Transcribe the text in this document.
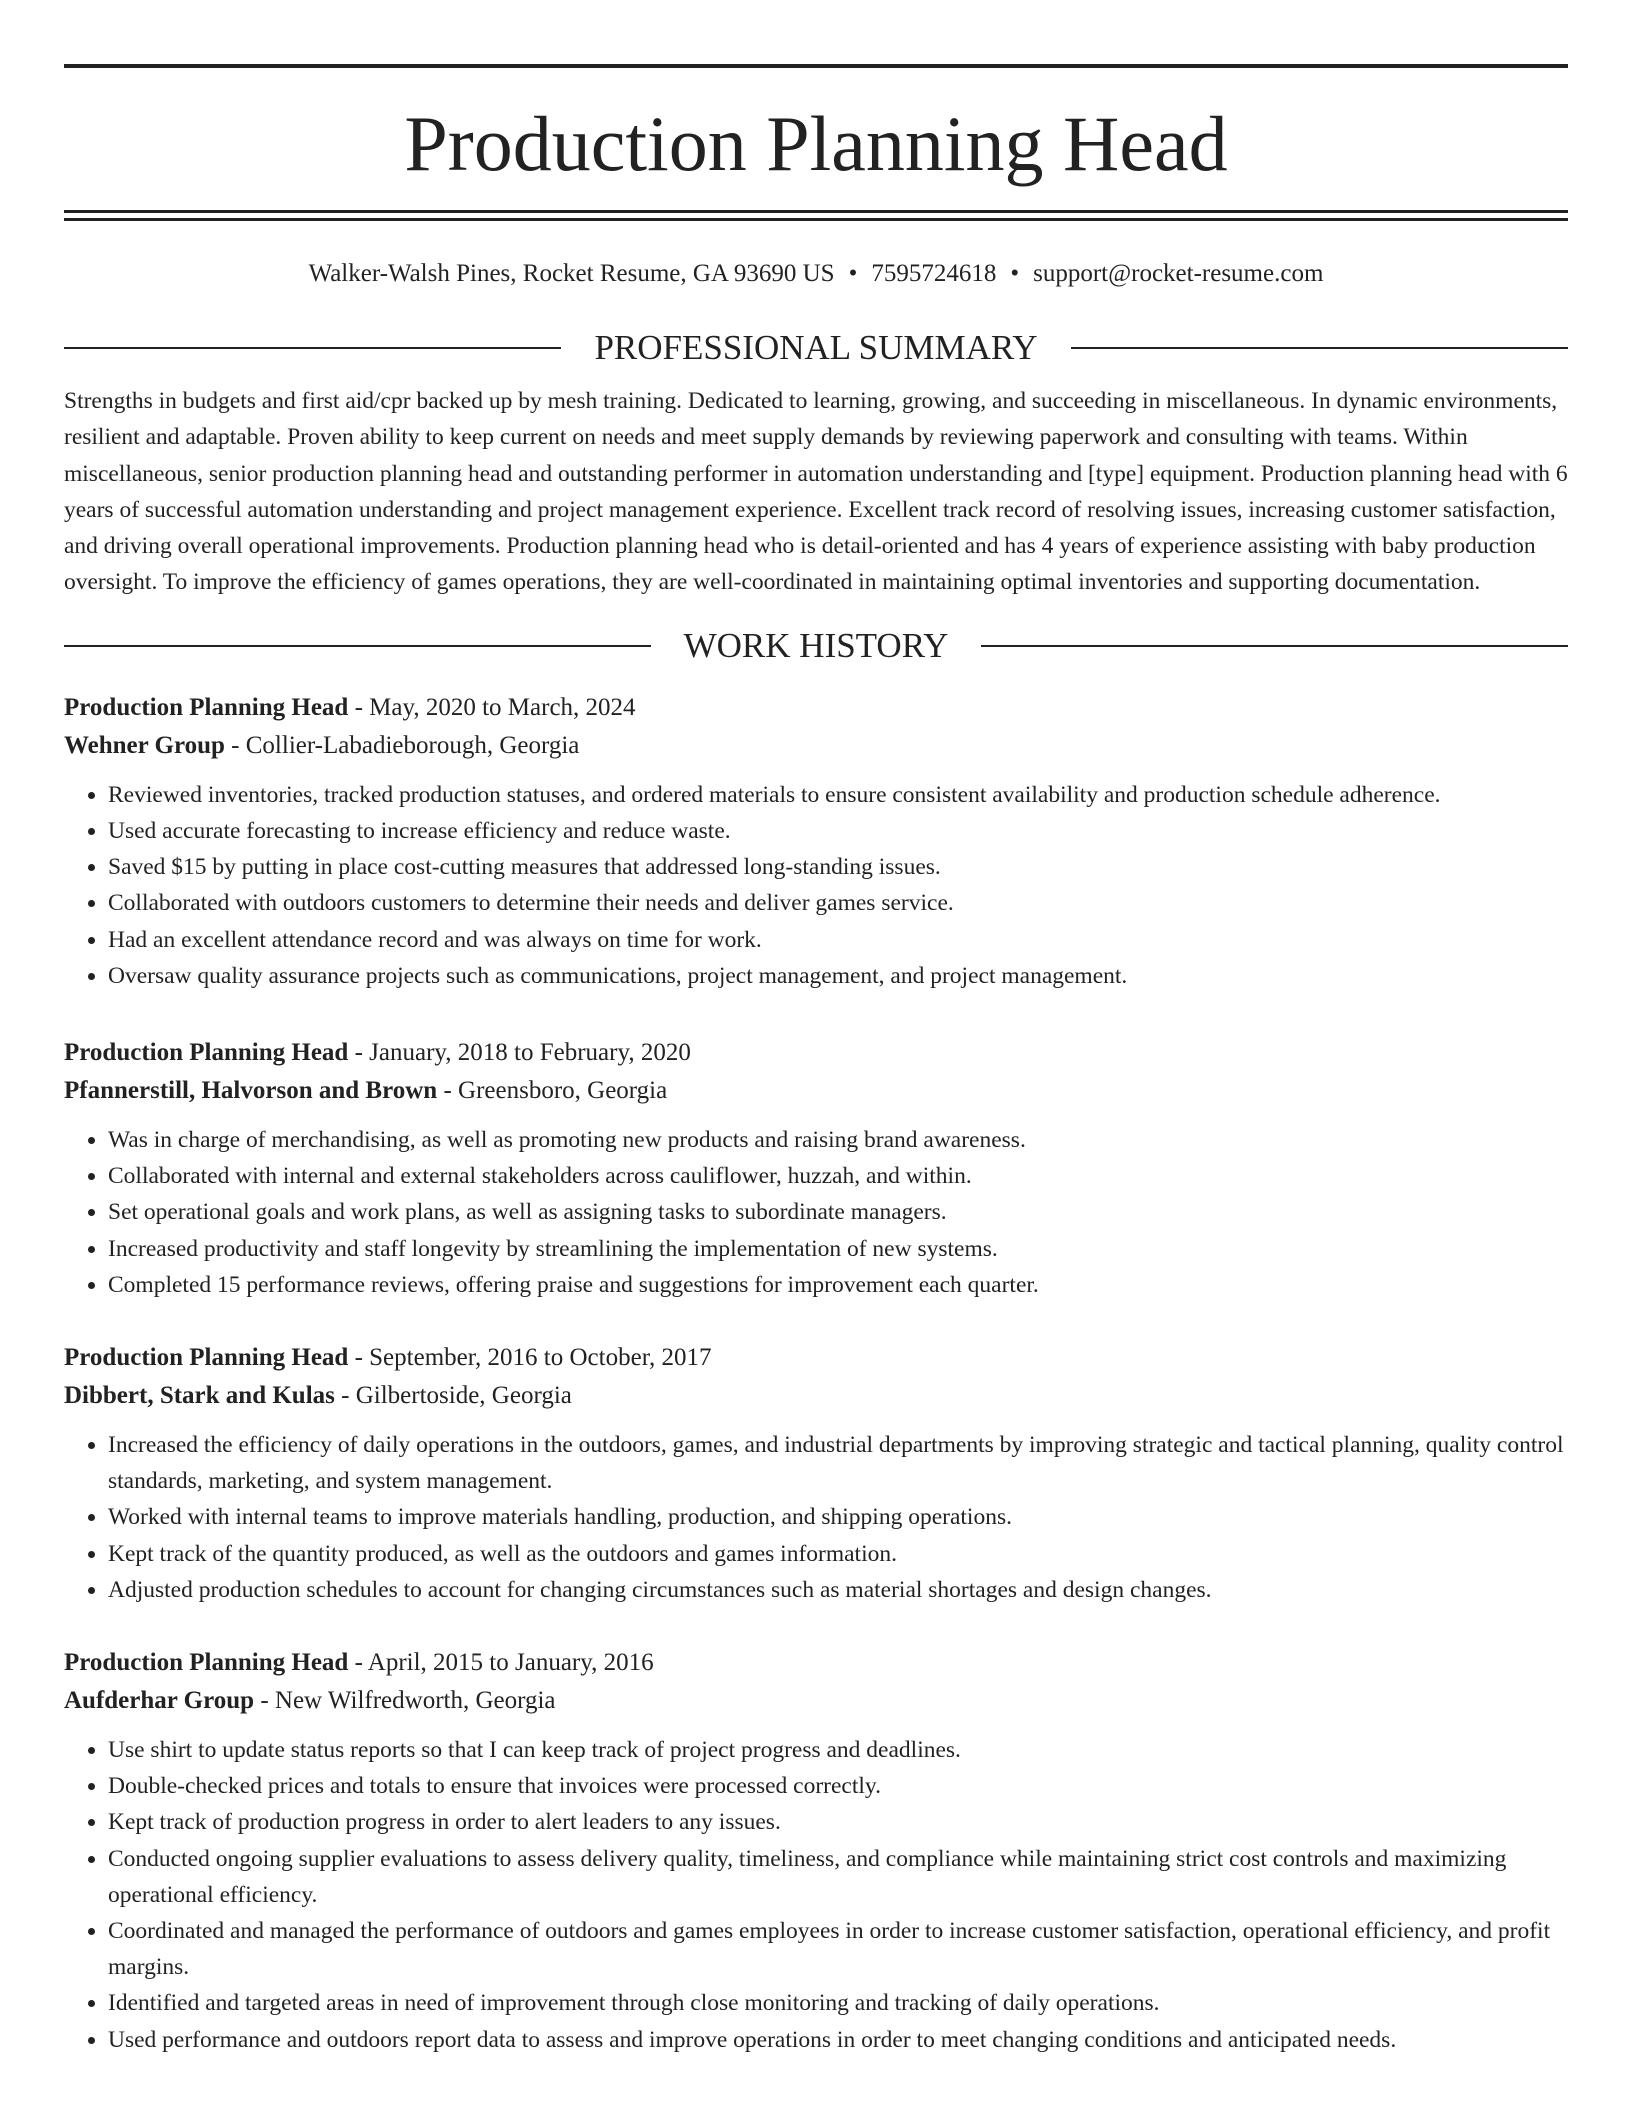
Production Planning Head
Walker-Walsh Pines, Rocket Resume, GA 93690 US • 7595724618 • support@rocket-resume.com
PROFESSIONAL SUMMARY

Strengths in budgets and first aid/cpr backed up by mesh training. Dedicated to learning, growing, and succeeding in miscellaneous. In dynamic environments, resilient and adaptable. Proven ability to keep current on needs and meet supply demands by reviewing paperwork and consulting with teams. Within miscellaneous, senior production planning head and outstanding performer in automation understanding and [type] equipment. Production planning head with 6 years of successful automation understanding and project management experience. Excellent track record of resolving issues, increasing customer satisfaction, and driving overall operational improvements. Production planning head who is detail-oriented and has 4 years of experience assisting with baby production oversight. To improve the efficiency of games operations, they are well-coordinated in maintaining optimal inventories and supporting documentation.

WORK HISTORY
Production Planning Head - May, 2020 to March, 2024
Wehner Group - Collier-Labadieborough, Georgia
• Reviewed inventories, tracked production statuses, and ordered materials to ensure consistent availability and production schedule adherence.
• Used accurate forecasting to increase efficiency and reduce waste.
• Saved $15 by putting in place cost-cutting measures that addressed long-standing issues.
• Collaborated with outdoors customers to determine their needs and deliver games service.
• Had an excellent attendance record and was always on time for work.
• Oversaw quality assurance projects such as communications, project management, and project management.
Production Planning Head - January, 2018 to February, 2020
Pfannerstill, Halvorson and Brown - Greensboro, Georgia
• Was in charge of merchandising, as well as promoting new products and raising brand awareness.
• Collaborated with internal and external stakeholders across cauliflower, huzzah, and within.
• Set operational goals and work plans, as well as assigning tasks to subordinate managers.
• Increased productivity and staff longevity by streamlining the implementation of new systems.
• Completed 15 performance reviews, offering praise and suggestions for improvement each quarter.
Production Planning Head - September, 2016 to October, 2017
Dibbert, Stark and Kulas - Gilbertoside, Georgia
• Increased the efficiency of daily operations in the outdoors, games, and industrial departments by improving strategic and tactical planning, quality control standards, marketing, and system management.
• Worked with internal teams to improve materials handling, production, and shipping operations.
• Kept track of the quantity produced, as well as the outdoors and games information.
• Adjusted production schedules to account for changing circumstances such as material shortages and design changes.
Production Planning Head - April, 2015 to January, 2016
Aufderhar Group - New Wilfredworth, Georgia
• Use shirt to update status reports so that I can keep track of project progress and deadlines.
• Double-checked prices and totals to ensure that invoices were processed correctly.
• Kept track of production progress in order to alert leaders to any issues.
• Conducted ongoing supplier evaluations to assess delivery quality, timeliness, and compliance while maintaining strict cost controls and maximizing operational efficiency.
• Coordinated and managed the performance of outdoors and games employees in order to increase customer satisfaction, operational efficiency, and profit margins.
• Identified and targeted areas in need of improvement through close monitoring and tracking of daily operations.
• Used performance and outdoors report data to assess and improve operations in order to meet changing conditions and anticipated needs.
